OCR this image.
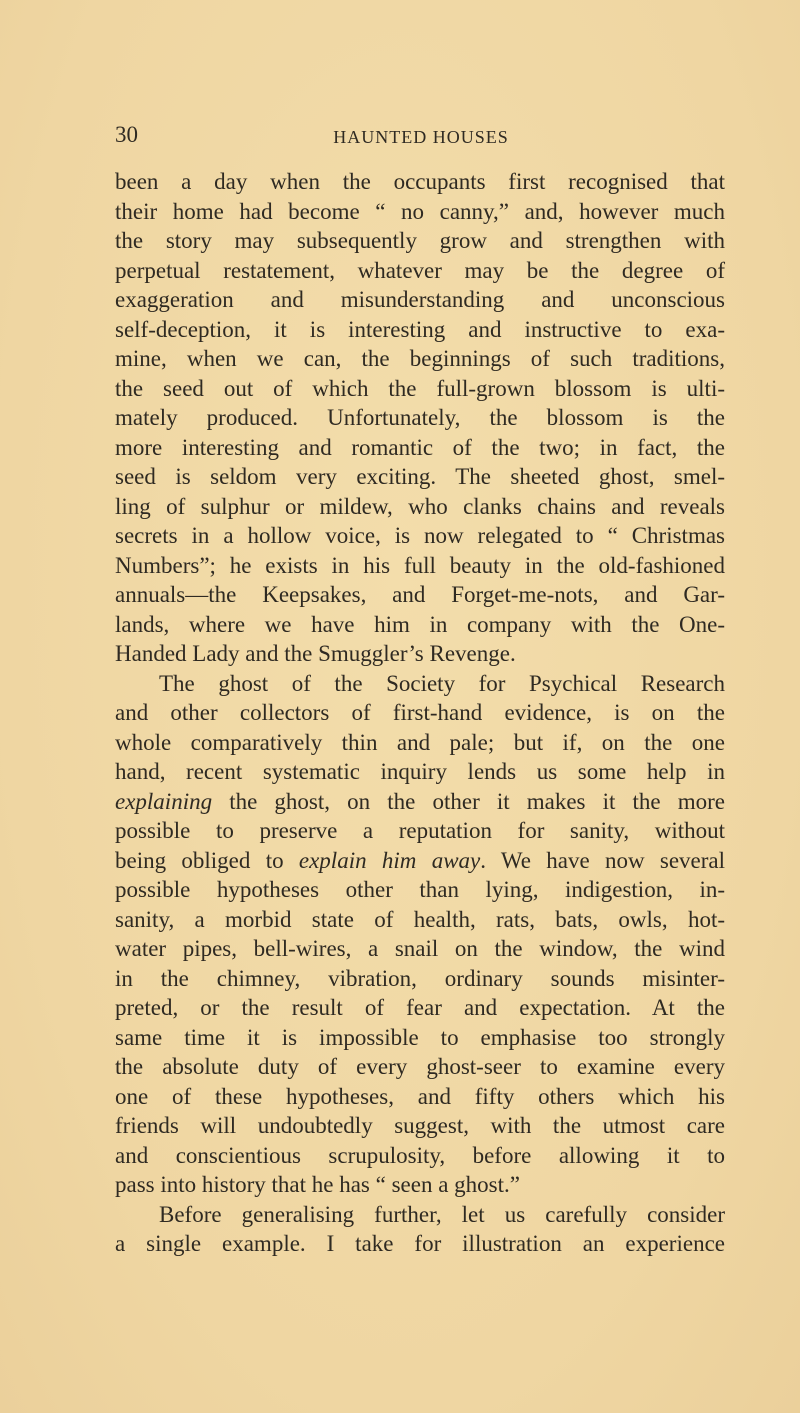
30	HAUNTED HOUSES
been a day when the occupants first recognised that
their home had become “ no canny,” and, however much
the story may subsequently grow and strengthen with
perpetual restatement, whatever may be the degree of
exaggeration and misunderstanding and unconscious
self-deception, it is interesting and instructive to exa-
mine, when we can, the beginnings of such traditions,
the seed out of which the full-grown blossom is ulti-
mately produced. Unfortunately, the blossom is the
more interesting and romantic of the two; in fact, the
seed is seldom very exciting. The sheeted ghost, smel-
ling of sulphur or mildew, who clanks chains and reveals
secrets in a hollow voice, is now relegated to “ Christmas
Numbers”; he exists in his full beauty in the old-fashioned
annuals—the Keepsakes, and Forget-me-nots, and Gar-
lands, where we have him in company with the One-
Handed Lady and the Smuggler’s Revenge.
The ghost of the Society for Psychical Research
and other collectors of first-hand evidence, is on the
whole comparatively thin and pale; but if, on the one
hand, recent systematic inquiry lends us some help in
explaining the ghost, on the other it makes it the more
possible to preserve a reputation for sanity, without
being obliged to explain him away. We have now several
possible hypotheses other than lying, indigestion, in-
sanity, a morbid state of health, rats, bats, owls, hot-
water pipes, bell-wires, a snail on the window, the wind
in the chimney, vibration, ordinary sounds misinter-
preted, or the result of fear and expectation. At the
same time it is impossible to emphasise too strongly
the absolute duty of every ghost-seer to examine every
one of these hypotheses, and fifty others which his
friends will undoubtedly suggest, with the utmost care
and conscientious scrupulosity, before allowing it to
pass into history that he has “ seen a ghost.”
Before generalising further, let us carefully consider
a single example. I take for illustration an experience
